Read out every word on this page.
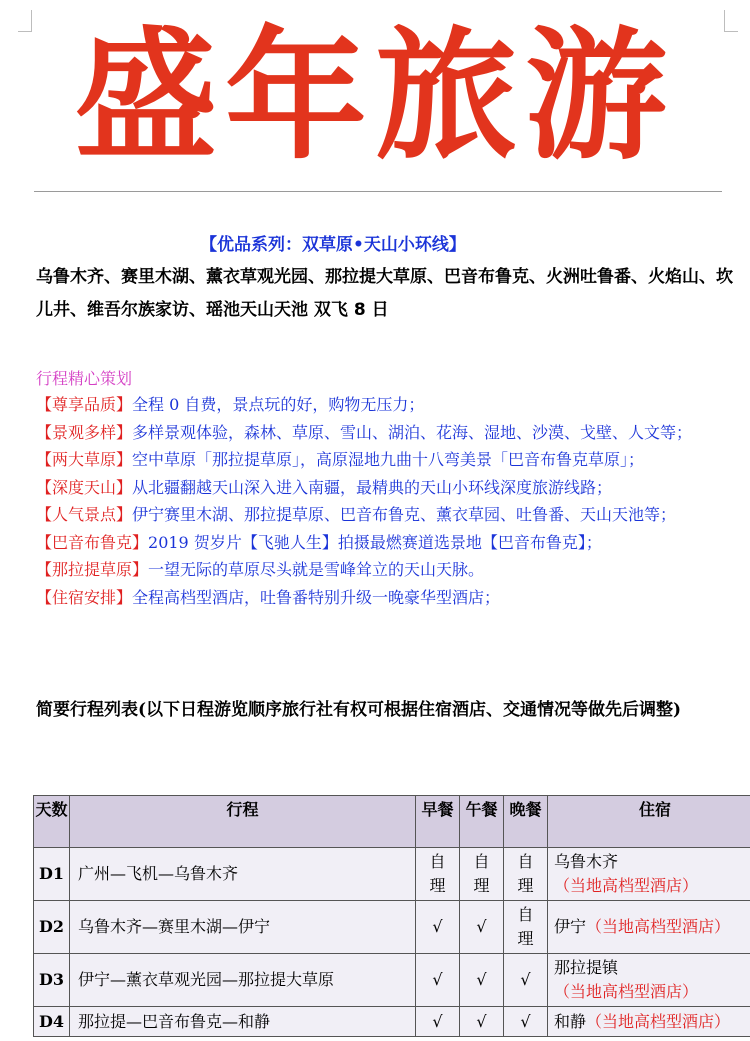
盛年旅游
【优品系列：双草原•天山小环线】
乌鲁木齐、赛里木湖、薰衣草观光园、那拉提大草原、巴音布鲁克、火洲吐鲁番、火焰山、坎儿井、维吾尔族家访、瑶池天山天池 双飞 8 日
行程精心策划
【尊享品质】 全程 0 自费，景点玩的好，购物无压力；
【景观多样】 多样景观体验，森林、草原、雪山、湖泊、花海、湿地、沙漠、戈壁、人文等；
【两大草原】 空中草原「那拉提草原」，高原湿地九曲十八弯美景「巴音布鲁克草原」；
【深度天山】 从北疆翻越天山深入进入南疆，最精典的天山小环线深度旅游线路；
【人气景点】 伊宁赛里木湖、那拉提草原、巴音布鲁克、薰衣草园、吐鲁番、天山天池等；
【巴音布鲁克】 2019 贺岁片【飞驰人生】拍摄最燃赛道选景地【巴音布鲁克】；
【那拉提草原】 一望无际的草原尽头就是雪峰耸立的天山天脉。
【住宿安排】 全程高档型酒店，吐鲁番特别升级一晚豪华型酒店；
简要行程列表(以下日程游览顺序旅行社有权可根据住宿酒店、交通情况等做先后调整)
天数	行程	早餐	午餐	晚餐	住宿
D1	广州—飞机—乌鲁木齐	自理	自理	自理	乌鲁木齐（当地高档型酒店）
D2	乌鲁木齐—赛里木湖—伊宁	√	√	自理	伊宁（当地高档型酒店）
D3	伊宁—薰衣草观光园—那拉提大草原	√	√	√	那拉提镇（当地高档型酒店）
D4	那拉提—巴音布鲁克—和静	√	√	√	和静（当地高档型酒店）
